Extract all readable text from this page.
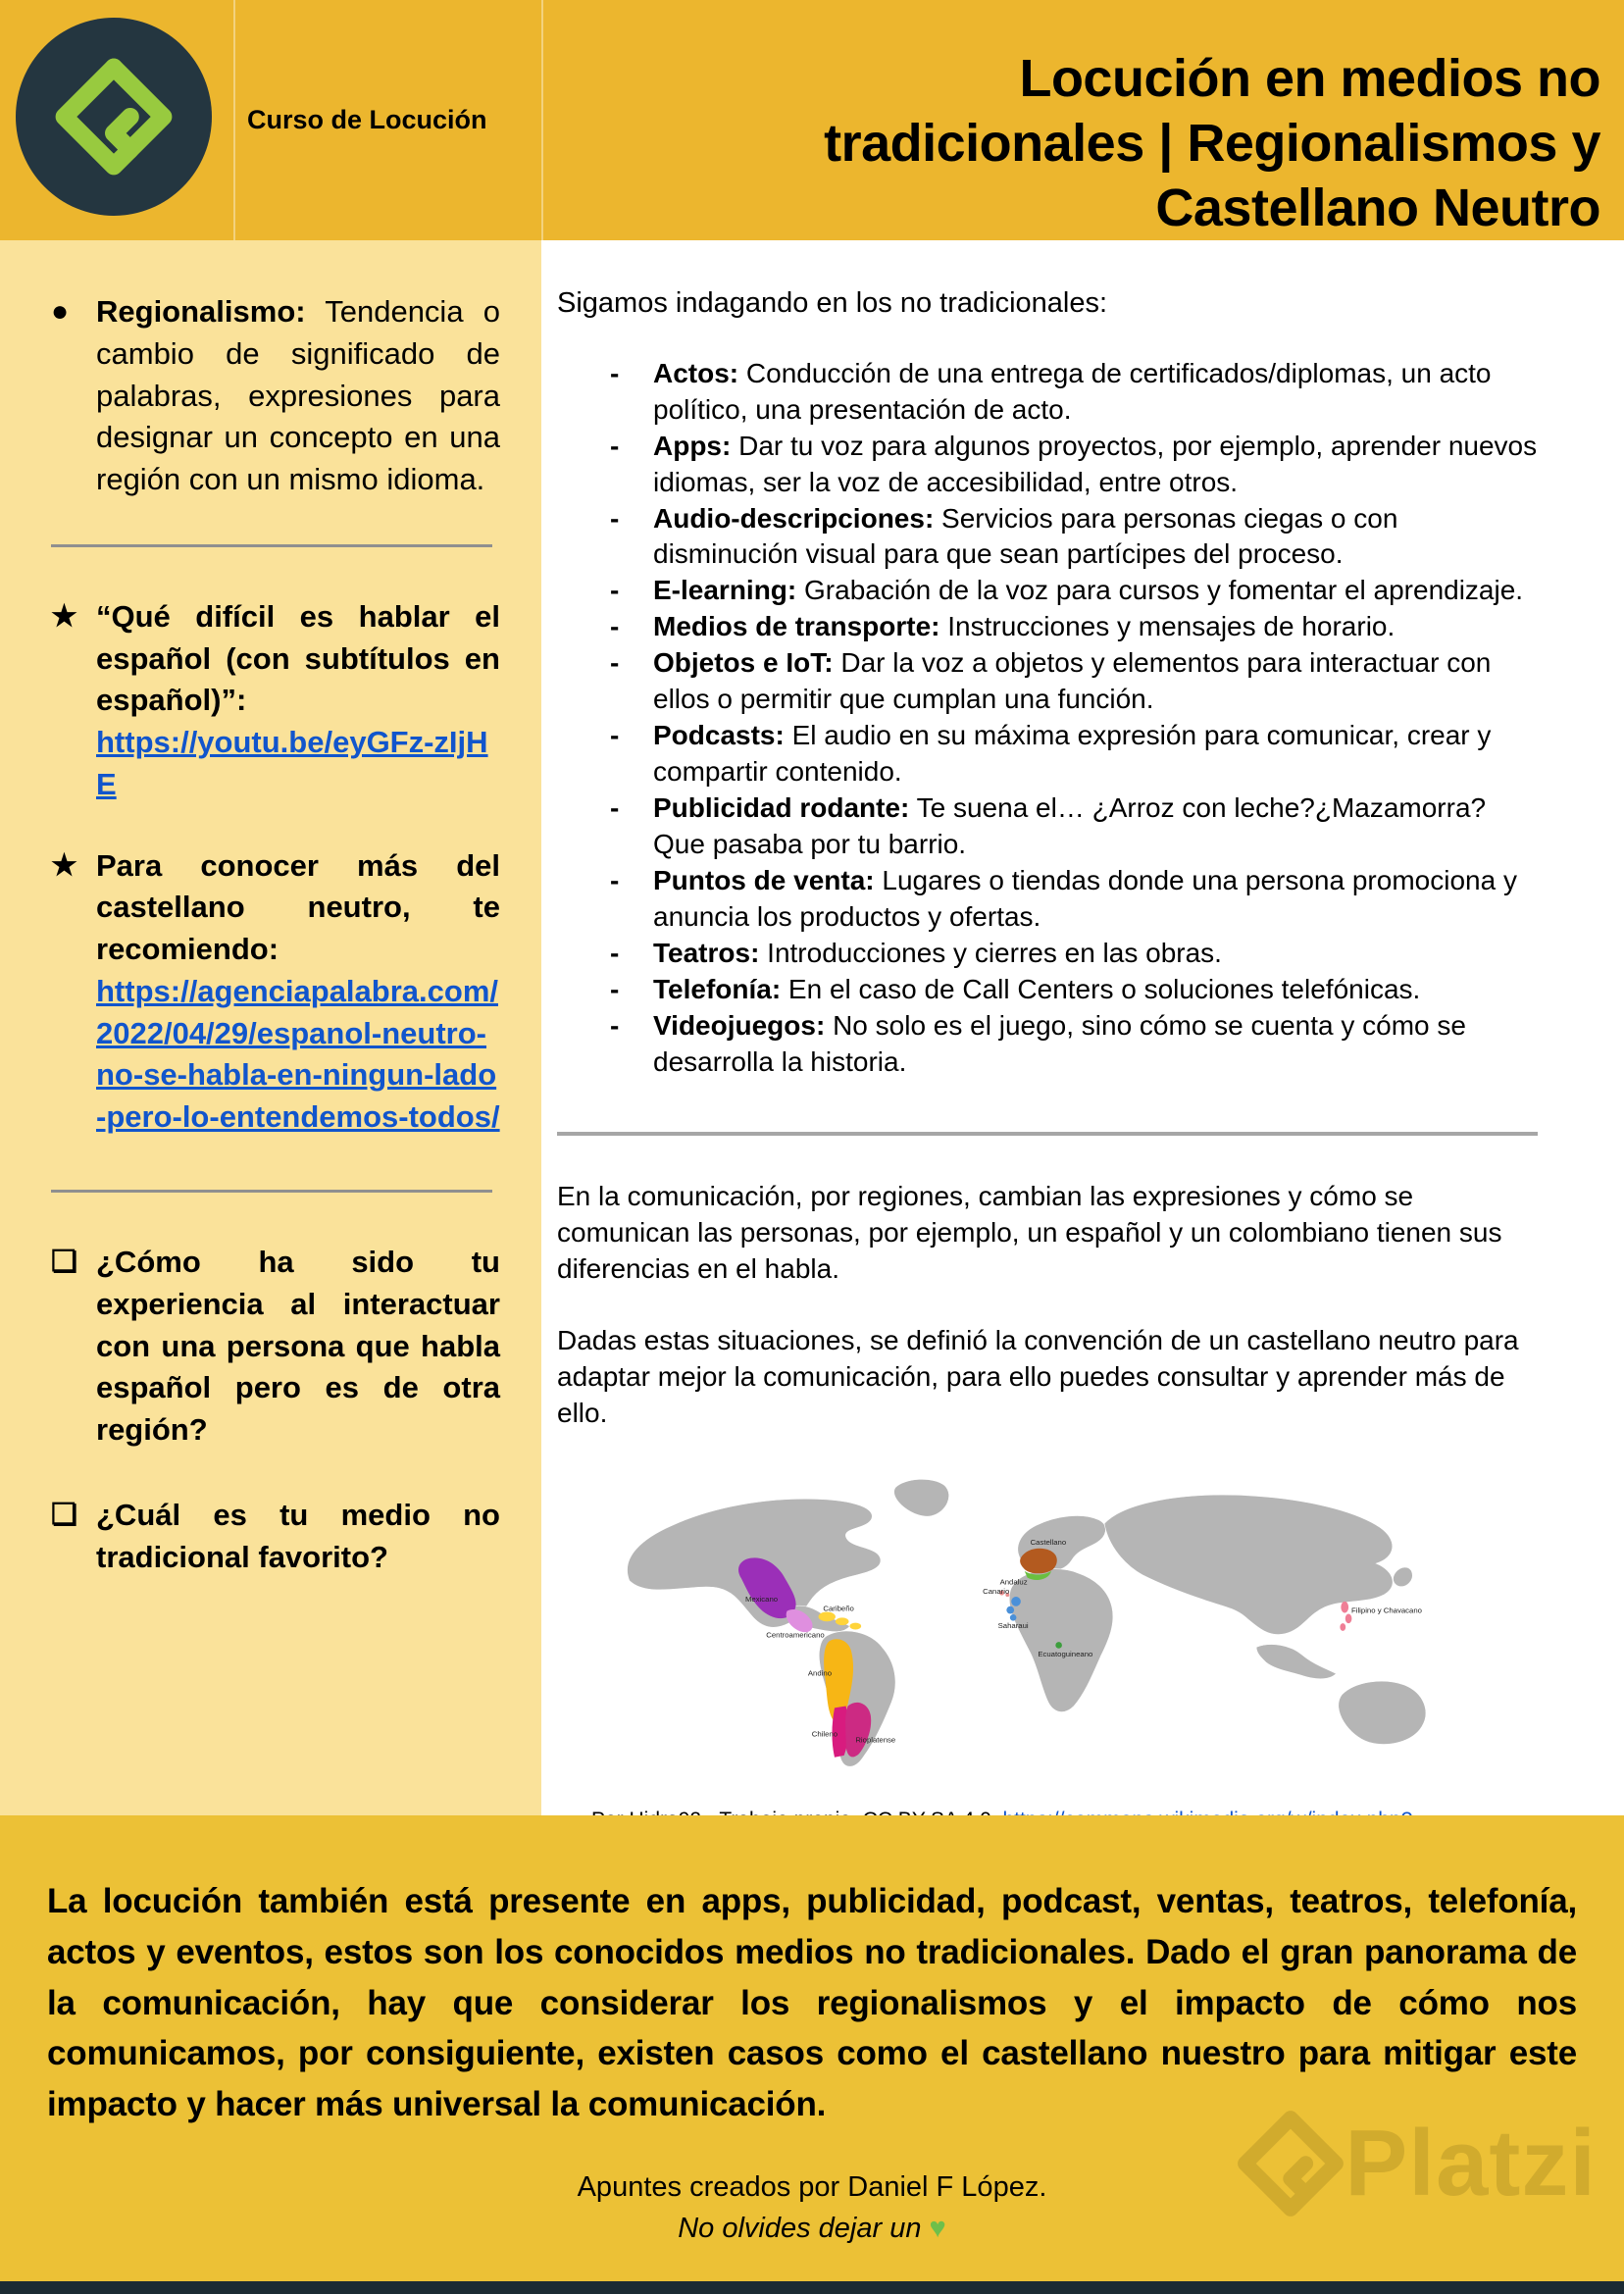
Curso de Locución
Locución en medios no
tradicionales | Regionalismos y
Castellano Neutro
● Regionalismo: Tendencia o cambio de significado de palabras, expresiones para designar un concepto en una región con un mismo idioma.
★ “Qué difícil es hablar el español (con subtítulos en español)”:
https://youtu.be/eyGFz-zIjHE
★ Para conocer más del castellano neutro, te recomiendo:
https://agenciapalabra.com/2022/04/29/espanol-neutro-no-se-habla-en-ningun-lado-pero-lo-entendemos-todos/
❏ ¿Cómo ha sido tu experiencia al interactuar con una persona que habla español pero es de otra región?
❏ ¿Cuál es tu medio no tradicional favorito?

Sigamos indagando en los no tradicionales:

-	Actos: Conducción de una entrega de certificados/diplomas, un acto político, una presentación de acto.
-	Apps: Dar tu voz para algunos proyectos, por ejemplo, aprender nuevos idiomas, ser la voz de accesibilidad, entre otros.
-	Audio-descripciones: Servicios para personas ciegas o con disminución visual para que sean partícipes del proceso.
-	E-learning: Grabación de la voz para cursos y fomentar el aprendizaje.
-	Medios de transporte: Instrucciones y mensajes de horario.
-	Objetos e IoT: Dar la voz a objetos y elementos para interactuar con ellos o permitir que cumplan una función.
-	Podcasts: El audio en su máxima expresión para comunicar, crear y compartir contenido.
-	Publicidad rodante: Te suena el… ¿Arroz con leche?¿Mazamorra? Que pasaba por tu barrio.
-	Puntos de venta: Lugares o tiendas donde una persona promociona y anuncia los productos y ofertas.
-	Teatros: Introducciones y cierres en las obras.
-	Telefonía: En el caso de Call Centers o soluciones telefónicas.
-	Videojuegos: No solo es el juego, sino cómo se cuenta y cómo se desarrolla la historia.

En la comunicación, por regiones, cambian las expresiones y cómo se comunican las personas, por ejemplo, un español y un colombiano tienen sus diferencias en el habla.

Dadas estas situaciones, se definió la convención de un castellano neutro para adaptar mejor la comunicación, para ello puedes consultar y aprender más de ello.

Mexicano
Centroamericano
Caribeño
Andino
Chileno
Rioplatense
Castellano
Andaluz
Canario
Saharaui
Ecuatoguineano
Filipino y Chavacano
La locución también está presente en apps, publicidad, podcast, ventas, teatros, telefonía, actos y eventos, estos son los conocidos medios no tradicionales. Dado el gran panorama de la comunicación, hay que considerar los regionalismos y el impacto de cómo nos comunicamos, por consiguiente, existen casos como el castellano nuestro para mitigar este impacto y hacer más universal la comunicación.
Apuntes creados por Daniel F López.
No olvides dejar un ♥
Platzi
